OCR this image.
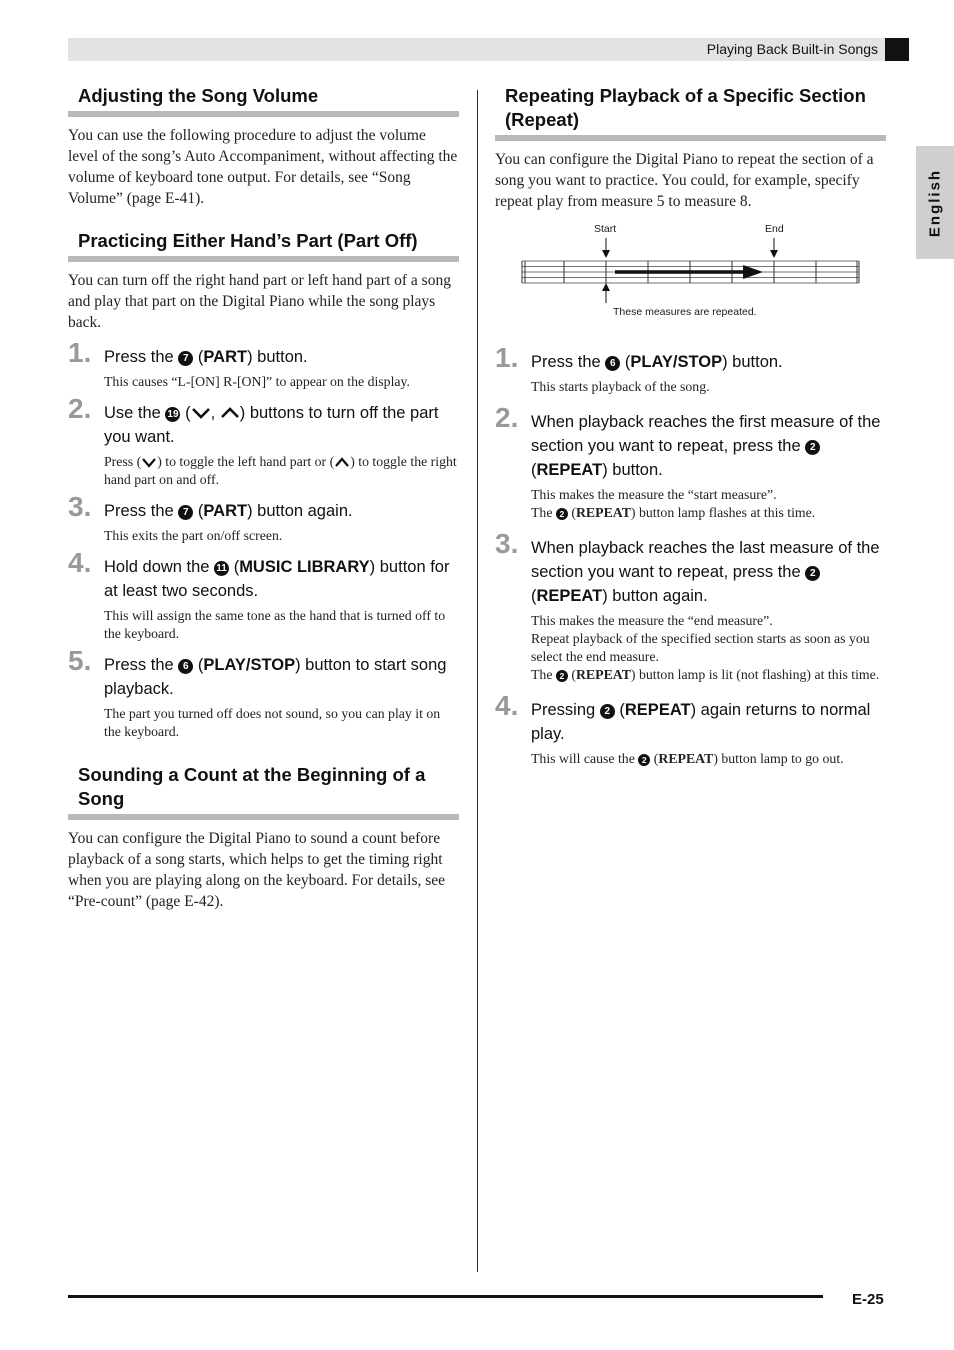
Playing Back Built-in Songs
English
Adjusting the Song Volume

You can use the following procedure to adjust the volume level of the song’s Auto Accompaniment, without affecting the volume of keyboard tone output. For details, see “Song Volume” (page E-41).

Practicing Either Hand’s Part (Part Off)

You can turn off the right hand part or left hand part of a song and play that part on the Digital Piano while the song plays back.

1. Press the 7 (PART) button.
This causes “L-[ON] R-[ON]” to appear on the display.
2. Use the 19 ( , ) buttons to turn off the part you want.
Press ( ) to toggle the left hand part or ( ) to toggle the right hand part on and off.
3. Press the 7 (PART) button again.
This exits the part on/off screen.
4. Hold down the 11 (MUSIC LIBRARY) button for at least two seconds.
This will assign the same tone as the hand that is turned off to the keyboard.
5. Press the 6 (PLAY/STOP) button to start song playback.
The part you turned off does not sound, so you can play it on the keyboard.
Sounding a Count at the Beginning of a Song

You can configure the Digital Piano to sound a count before playback of a song starts, which helps to get the timing right when you are playing along on the keyboard. For details, see “Pre-count” (page E-42).

Repeating Playback of a Specific Section (Repeat)

You can configure the Digital Piano to repeat the section of a song you want to practice. You could, for example, specify repeat play from measure 5 to measure 8.

Start	End
These measures are repeated.
1. Press the 6 (PLAY/STOP) button.
This starts playback of the song.
2. When playback reaches the first measure of the section you want to repeat, press the 2 (REPEAT) button.
This makes the measure the “start measure”.
The 2 (REPEAT) button lamp flashes at this time.
3. When playback reaches the last measure of the section you want to repeat, press the 2 (REPEAT) button again.
This makes the measure the “end measure”.
Repeat playback of the specified section starts as soon as you select the end measure.
The 2 (REPEAT) button lamp is lit (not flashing) at this time.
4. Pressing 2 (REPEAT) again returns to normal play.
This will cause the 2 (REPEAT) button lamp to go out.
E-25
